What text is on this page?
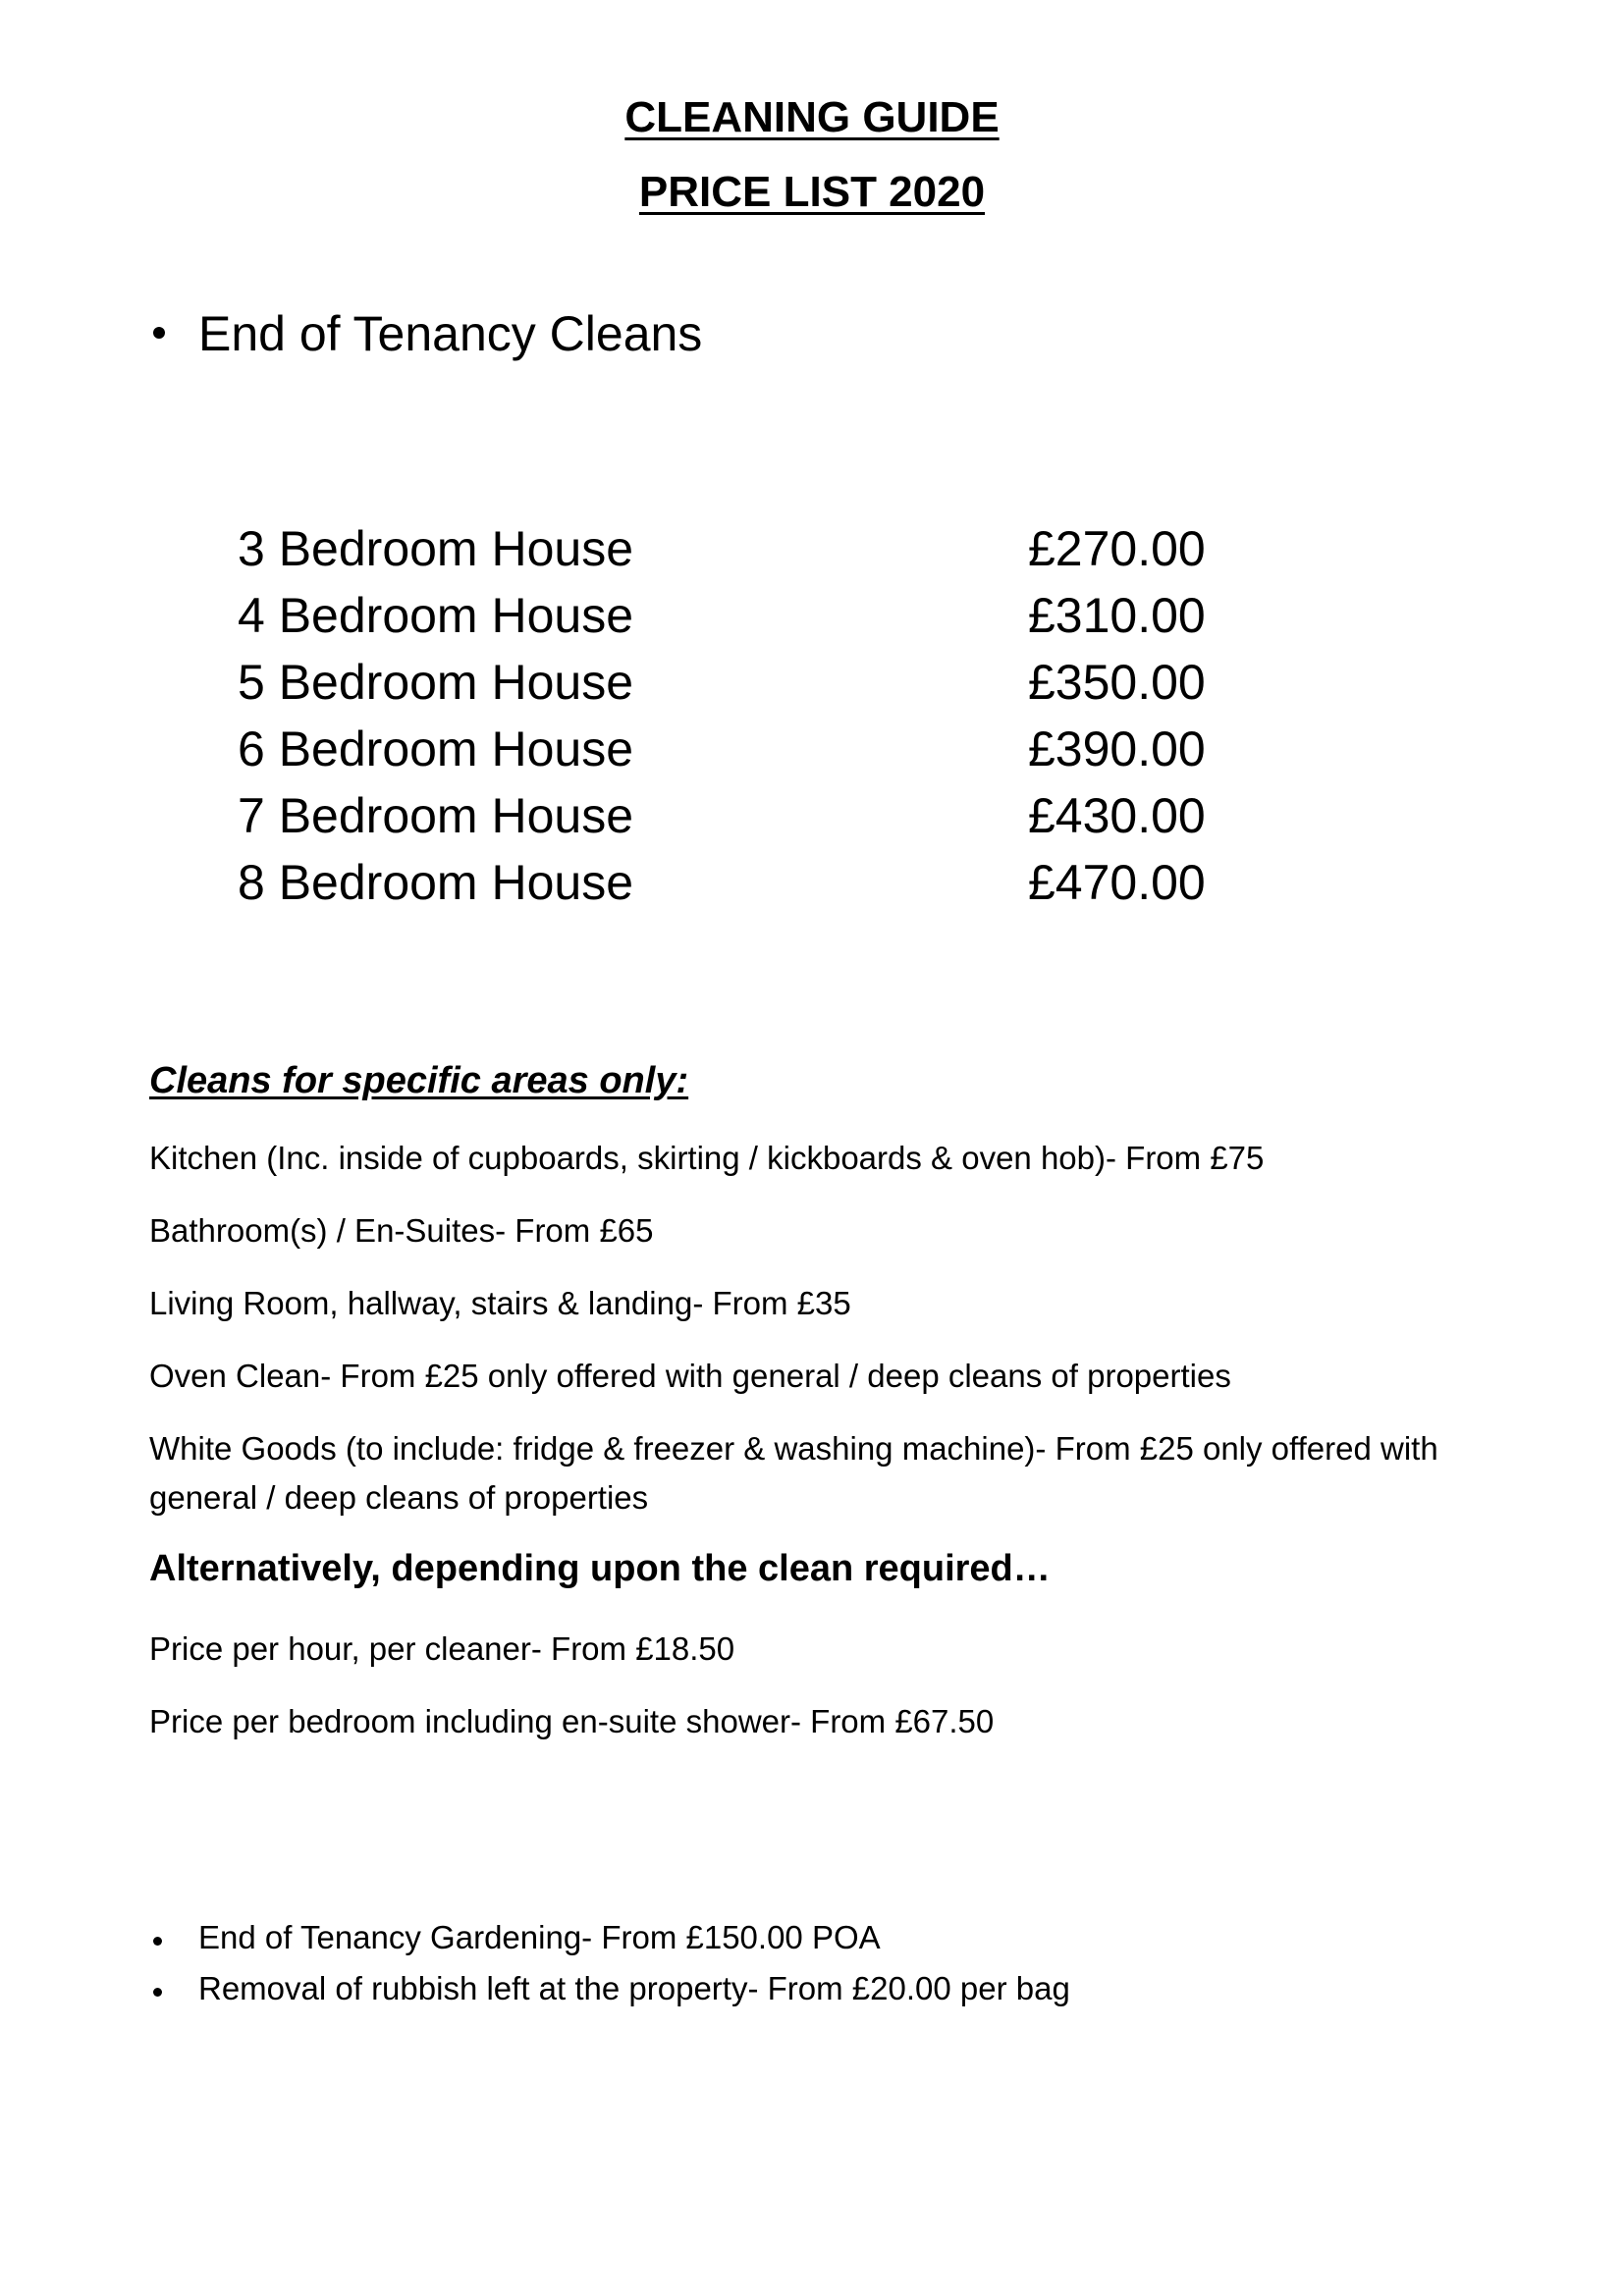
CLEANING GUIDE
PRICE LIST 2020
End of Tenancy Cleans
3 Bedroom House	£270.00
4 Bedroom House	£310.00
5 Bedroom House	£350.00
6 Bedroom House	£390.00
7 Bedroom House	£430.00
8 Bedroom House	£470.00
Cleans for specific areas only:
Kitchen (Inc. inside of cupboards, skirting / kickboards & oven hob)- From £75
Bathroom(s) / En-Suites- From £65
Living Room, hallway, stairs & landing- From £35
Oven Clean- From £25 only offered with general / deep cleans of properties
White Goods (to include: fridge & freezer & washing machine)- From £25 only offered with general / deep cleans of properties
Alternatively, depending upon the clean required…
Price per hour, per cleaner- From £18.50
Price per bedroom including en-suite shower- From £67.50
End of Tenancy Gardening- From £150.00 POA
Removal of rubbish left at the property- From £20.00 per bag
